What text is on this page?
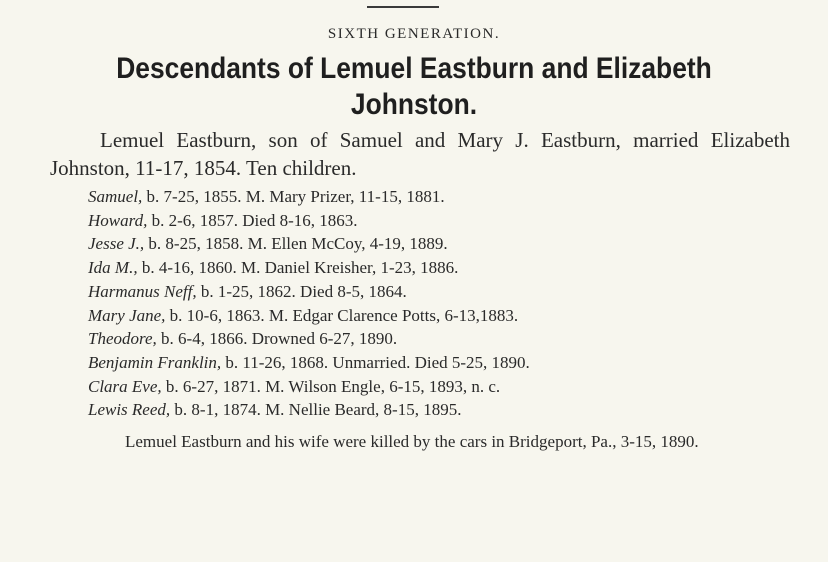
SIXTH GENERATION.
Descendants of Lemuel Eastburn and Elizabeth Johnston.
Lemuel Eastburn, son of Samuel and Mary J. Eastburn, married Elizabeth Johnston, 11-17, 1854. Ten children.
Samuel, b. 7-25, 1855. M. Mary Prizer, 11-15, 1881.
Howard, b. 2-6, 1857. Died 8-16, 1863.
Jesse J., b. 8-25, 1858. M. Ellen McCoy, 4-19, 1889.
Ida M., b. 4-16, 1860. M. Daniel Kreisher, 1-23, 1886.
Harmanus Neff, b. 1-25, 1862. Died 8-5, 1864.
Mary Jane, b. 10-6, 1863. M. Edgar Clarence Potts, 6-13,1883.
Theodore, b. 6-4, 1866. Drowned 6-27, 1890.
Benjamin Franklin, b. 11-26, 1868. Unmarried. Died 5-25, 1890.
Clara Eve, b. 6-27, 1871. M. Wilson Engle, 6-15, 1893, n. c.
Lewis Reed, b. 8-1, 1874. M. Nellie Beard, 8-15, 1895.
Lemuel Eastburn and his wife were killed by the cars in Bridgeport, Pa., 3-15, 1890.
